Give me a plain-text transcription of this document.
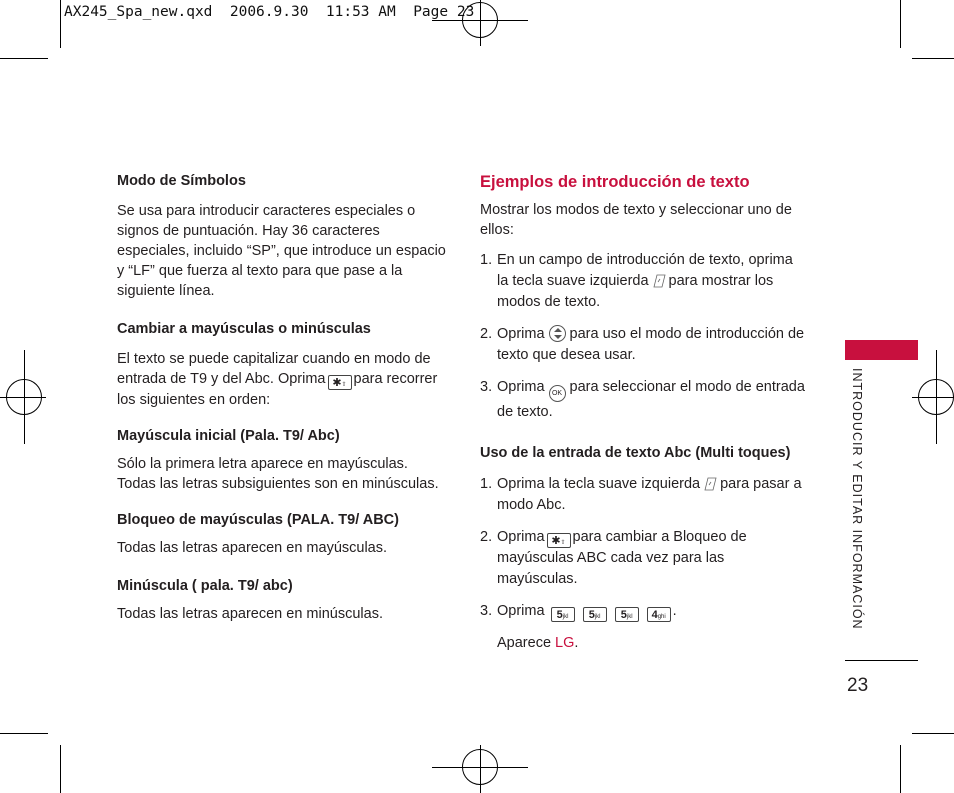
AX245_Spa_new.qxd  2006.9.30  11:53 AM  Page 23

Modo de Símbolos

Se usa para introducir caracteres especiales o signos de puntuación. Hay 36 caracteres especiales, incluido “SP”, que introduce un espacio y “LF” que fuerza al texto para que pase a la siguiente línea.

Cambiar a mayúsculas o minúsculas

El texto se puede capitalizar cuando en modo de entrada de T9 y del Abc. Oprima ✱⇧ para recorrer los siguientes en orden:

Mayúscula inicial (Pala. T9/ Abc)

Sólo la primera letra aparece en mayúsculas. Todas las letras subsiguientes son en minúsculas.

Bloqueo de mayúsculas (PALA. T9/ ABC)

Todas las letras aparecen en mayúsculas.

Minúscula ( pala. T9/ abc)

Todas las letras aparecen en minúsculas.

Ejemplos de introducción de texto

Mostrar los modos de texto y seleccionar uno de ellos:

1. En un campo de introducción de texto, oprima la tecla suave izquierda para mostrar los modos de texto.
2. Oprima para uso el modo de introducción de texto que desea usar.
3. Oprima OK para seleccionar el modo de entrada de texto.

Uso de la entrada de texto Abc (Multi toques)

1. Oprima la tecla suave izquierda para pasar a modo Abc.
2. Oprima ✱⇧ para cambiar a Bloqueo de mayúsculas ABC cada vez para las mayúsculas.
3. Oprima 5jkl 5jkl 5jkl 4ghi .

Aparece LG.

INTRODUCIR Y EDITAR INFORMACIÓN
23
